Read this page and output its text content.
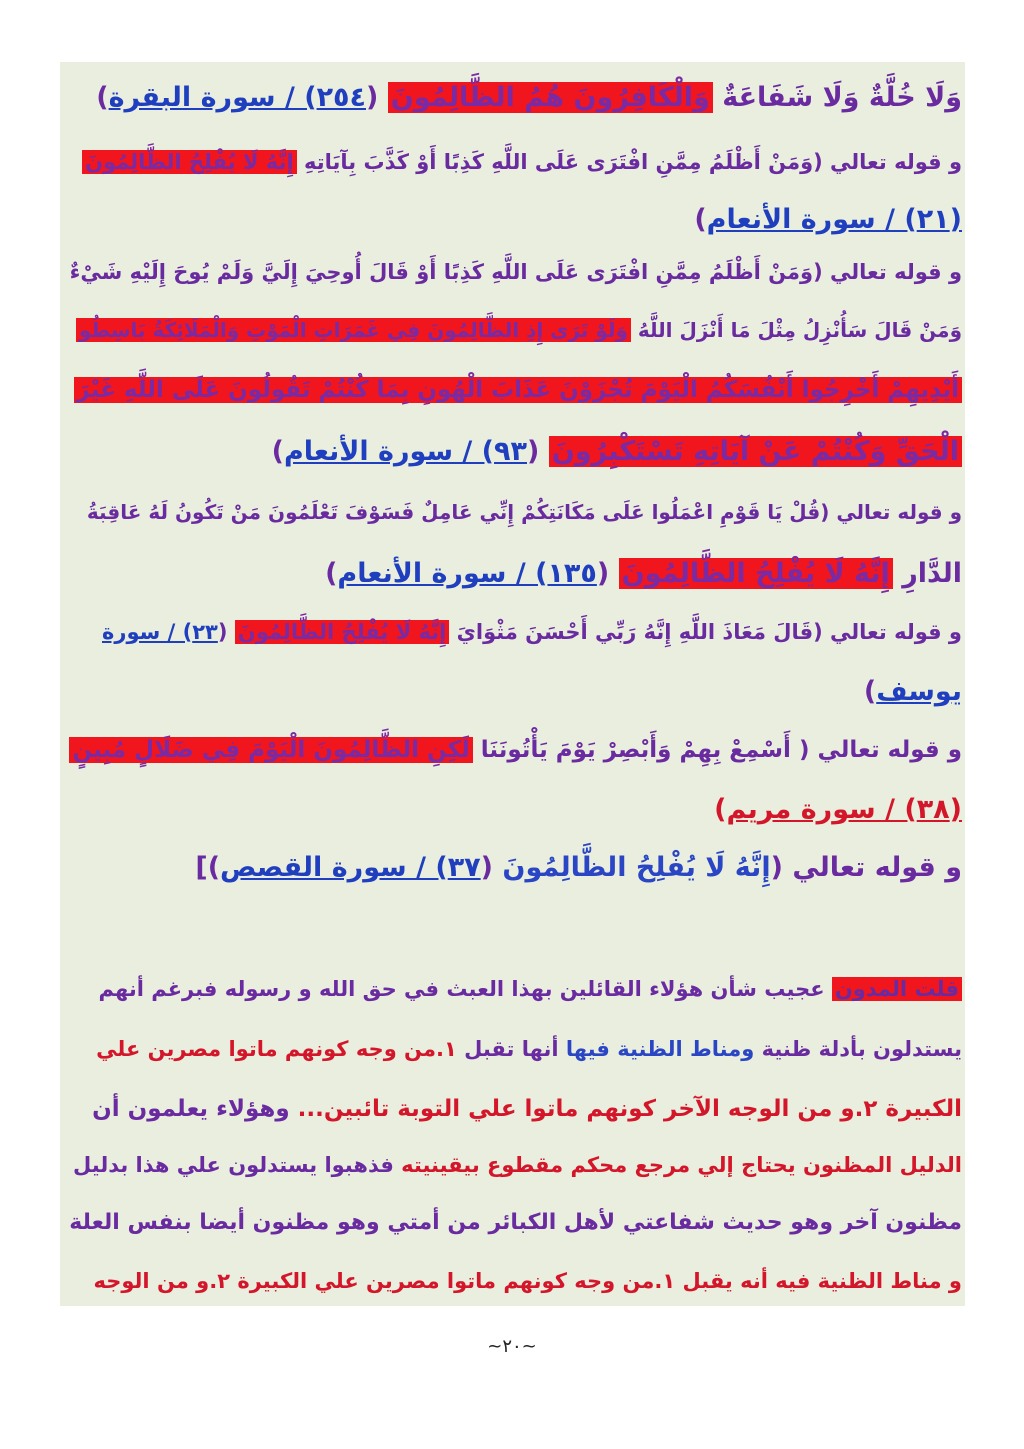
وَلَا خُلَّةٌ وَلَا شَفَاعَةٌ وَالْكَافِرُونَ هُمُ الظَّالِمُونَ (٢٥٤) / سورة البقرة)
و قوله تعالي (وَمَنْ أَظْلَمُ مِمَّنِ افْتَرَى عَلَى اللَّهِ كَذِبًا أَوْ كَذَّبَ بِآيَاتِهِ إِنَّهُ لَا يُفْلِحُ الظَّالِمُونَ
(٢١) / سورة الأنعام)
و قوله تعالي (وَمَنْ أَظْلَمُ مِمَّنِ افْتَرَى عَلَى اللَّهِ كَذِبًا أَوْ قَالَ أُوحِيَ إِلَيَّ وَلَمْ يُوحَ إِلَيْهِ شَيْءٌ
وَمَنْ قَالَ سَأُنْزِلُ مِثْلَ مَا أَنْزَلَ اللَّهُ وَلَوْ تَرَى إِذِ الظَّالِمُونَ فِي غَمَرَاتِ الْمَوْتِ وَالْمَلَائِكَةُ بَاسِطُو
أَيْدِيهِمْ أَخْرِجُوا أَنْفُسَكُمُ الْيَوْمَ تُجْزَوْنَ عَذَابَ الْهُونِ بِمَا كُنْتُمْ تَقُولُونَ عَلَى اللَّهِ غَيْرَ
الْحَقِّ وَكُنْتُمْ عَنْ آيَاتِهِ تَسْتَكْبِرُونَ (٩٣) / سورة الأنعام)
و قوله تعالي (قُلْ يَا قَوْمِ اعْمَلُوا عَلَى مَكَانَتِكُمْ إِنِّي عَامِلٌ فَسَوْفَ تَعْلَمُونَ مَنْ تَكُونُ لَهُ عَاقِبَةُ
الدَّارِ إِنَّهُ لَا يُفْلِحُ الظَّالِمُونَ (١٣٥) / سورة الأنعام)
و قوله تعالي (قَالَ مَعَاذَ اللَّهِ إِنَّهُ رَبِّي أَحْسَنَ مَثْوَايَ إِنَّهُ لَا يُفْلِحُ الظَّالِمُونَ (٢٣) / سورة
يوسف)
و قوله تعالي ( أَسْمِعْ بِهِمْ وَأَبْصِرْ يَوْمَ يَأْتُونَنَا لَكِنِ الظَّالِمُونَ الْيَوْمَ فِي ضَلَالٍ مُبِينٍ
(٣٨) / سورة مريم)
و قوله تعالي (إِنَّهُ لَا يُفْلِحُ الظَّالِمُونَ (٣٧) / سورة القصص)]
قلت المدون عجيب شأن هؤلاء القائلين بهذا العبث في حق الله و رسوله فبرغم أنهم
يستدلون بأدلة ظنية ومناط الظنية فيها أنها تقبل ١.من وجه كونهم ماتوا مصرين علي
الكبيرة ٢.و من الوجه الآخر كونهم ماتوا علي التوبة تائبين... وهؤلاء يعلمون أن
الدليل المظنون يحتاج إلي مرجع محكم مقطوع بيقينيته فذهبوا يستدلون علي هذا بدليل
مظنون آخر وهو حديث شفاعتي لأهل الكبائر من أمتي وهو مظنون أيضا بنفس العلة
و مناط الظنية فيه أنه يقبل ١.من وجه كونهم ماتوا مصرين علي الكبيرة ٢.و من الوجه
~٢٠~
